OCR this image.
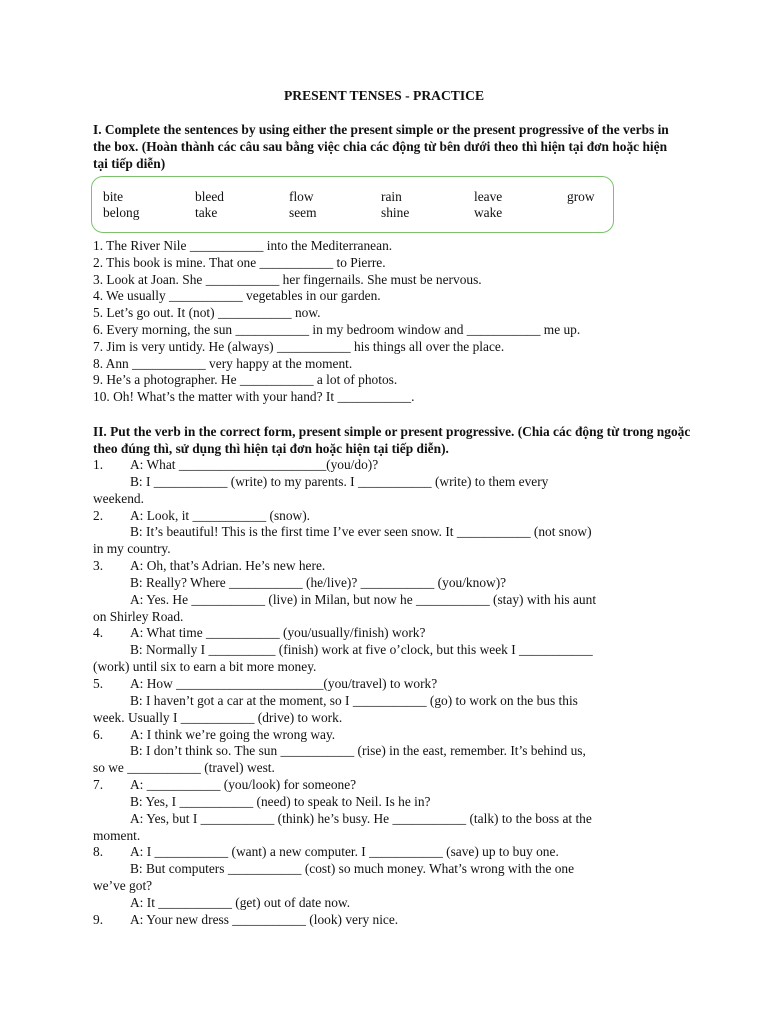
PRESENT TENSES - PRACTICE
I. Complete the sentences by using either the present simple or the present progressive of the verbs in the box. (Hoàn thành các câu sau bằng việc chia các động từ bên dưới theo thì hiện tại đơn hoặc hiện tại tiếp diễn)
bite	bleed	flow	rain	leave	grow
belong	take	seem	shine	wake
1. The River Nile ___________ into the Mediterranean.
2. This book is mine. That one ___________ to Pierre.
3. Look at Joan. She ___________ her fingernails. She must be nervous.
4. We usually ___________ vegetables in our garden.
5. Let’s go out. It (not) ___________ now.
6. Every morning, the sun ___________ in my bedroom window and ___________ me up.
7. Jim is very untidy. He (always) ___________ his things all over the place.
8. Ann ___________ very happy at the moment.
9. He’s a photographer. He ___________ a lot of photos.
10. Oh! What’s the matter with your hand? It ___________.
II. Put the verb in the correct form, present simple or present progressive. (Chia các động từ trong ngoặc theo đúng thì, sử dụng thì hiện tại đơn hoặc hiện tại tiếp diễn).
1. A: What ______________________(you/do)?
B: I ___________ (write) to my parents. I ___________ (write) to them every
weekend.
2. A: Look, it ___________ (snow).
B: It’s beautiful! This is the first time I’ve ever seen snow. It ___________ (not snow)
in my country.
3. A: Oh, that’s Adrian. He’s new here.
B: Really? Where ___________ (he/live)? ___________ (you/know)?
A: Yes. He ___________ (live) in Milan, but now he ___________ (stay) with his aunt
on Shirley Road.
4. A: What time ___________ (you/usually/finish) work?
B: Normally I __________ (finish) work at five o’clock, but this week I ___________
(work) until six to earn a bit more money.
5. A: How ______________________(you/travel) to work?
B: I haven’t got a car at the moment, so I ___________ (go) to work on the bus this
week. Usually I ___________ (drive) to work.
6. A: I think we’re going the wrong way.
B: I don’t think so. The sun ___________ (rise) in the east, remember. It’s behind us,
so we ___________ (travel) west.
7. A: ___________ (you/look) for someone?
B: Yes, I ___________ (need) to speak to Neil. Is he in?
A: Yes, but I ___________ (think) he’s busy. He ___________ (talk) to the boss at the
moment.
8. A: I ___________ (want) a new computer. I ___________ (save) up to buy one.
B: But computers ___________ (cost) so much money. What’s wrong with the one
we’ve got?
A: It ___________ (get) out of date now.
9. A: Your new dress ___________ (look) very nice.
